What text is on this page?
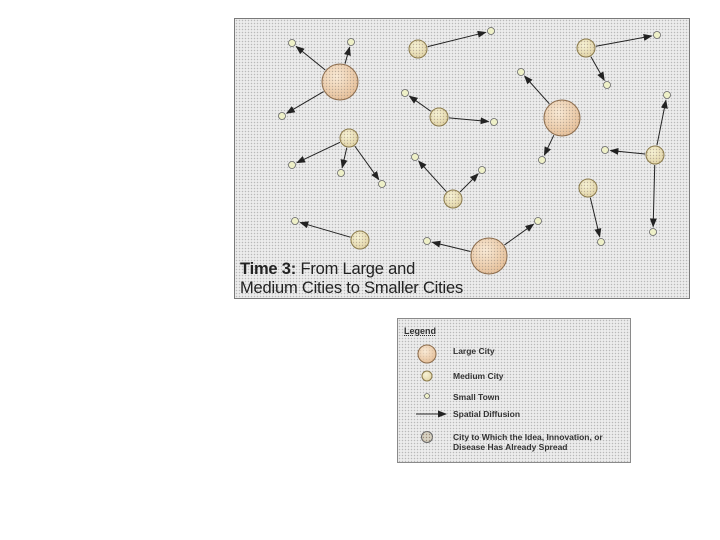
Time 3: From Large and
Medium Cities to Smaller Cities
Legend
Large City
Medium City
Small Town
Spatial Diffusion
City to Which the Idea, Innovation, or Disease Has Already Spread
